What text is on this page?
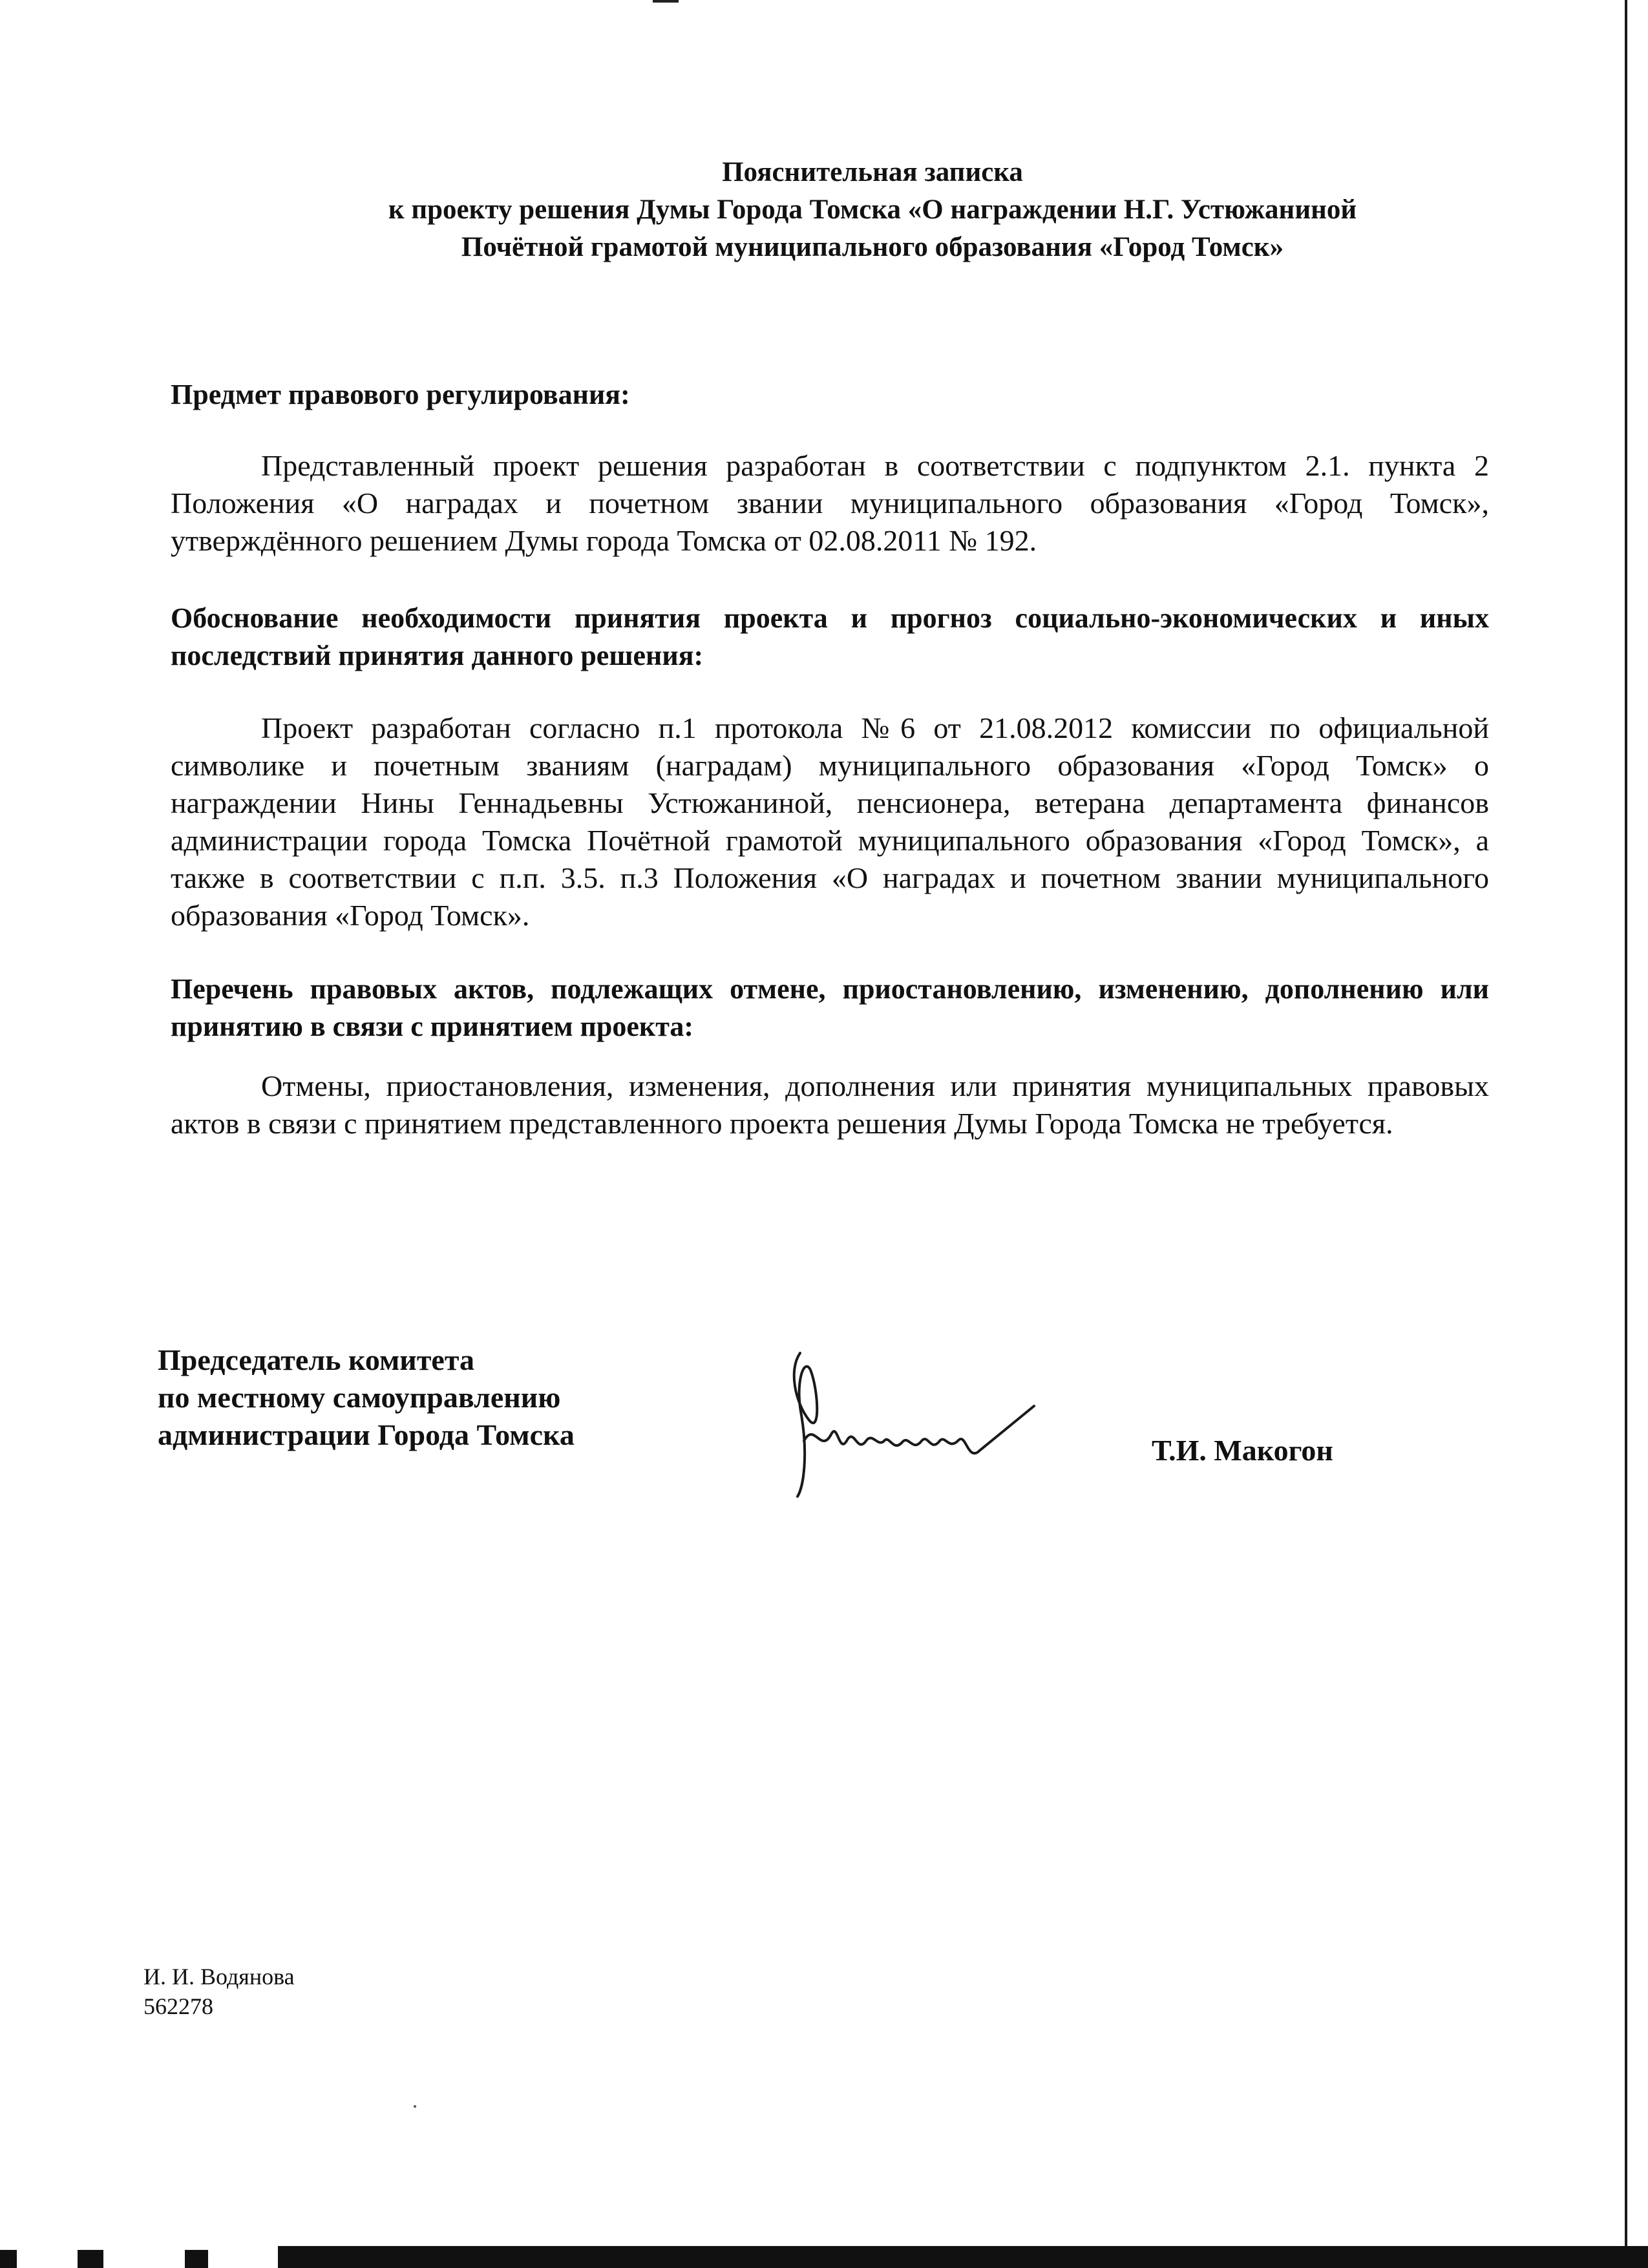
Пояснительная записка
к проекту решения Думы Города Томска «О награждении Н.Г. Устюжаниной
Почётной грамотой муниципального образования «Город Томск»
Предмет правового регулирования:
Представленный проект решения разработан в соответствии с подпунктом 2.1. пункта 2 Положения «О наградах и почетном звании муниципального образования «Город Томск», утверждённого решением Думы города Томска от 02.08.2011 № 192.
Обоснование необходимости принятия проекта и прогноз социально-экономических и иных последствий принятия данного решения:
Проект разработан согласно п.1 протокола №6 от 21.08.2012 комиссии по официальной символике и почетным званиям (наградам) муниципального образования «Город Томск» о награждении Нины Геннадьевны Устюжаниной, пенсионера, ветерана департамента финансов администрации города Томска Почётной грамотой муниципального образования «Город Томск», а также в соответствии с п.п. 3.5. п.3 Положения «О наградах и почетном звании муниципального образования «Город Томск».
Перечень правовых актов, подлежащих отмене, приостановлению, изменению, дополнению или принятию в связи с принятием проекта:
Отмены, приостановления, изменения, дополнения или принятия муниципальных правовых актов в связи с принятием представленного проекта решения Думы Города Томска не требуется.
Председатель комитета
по местному самоуправлению
администрации Города Томска	Т.И. Макогон
И. И. Водянова
562278
